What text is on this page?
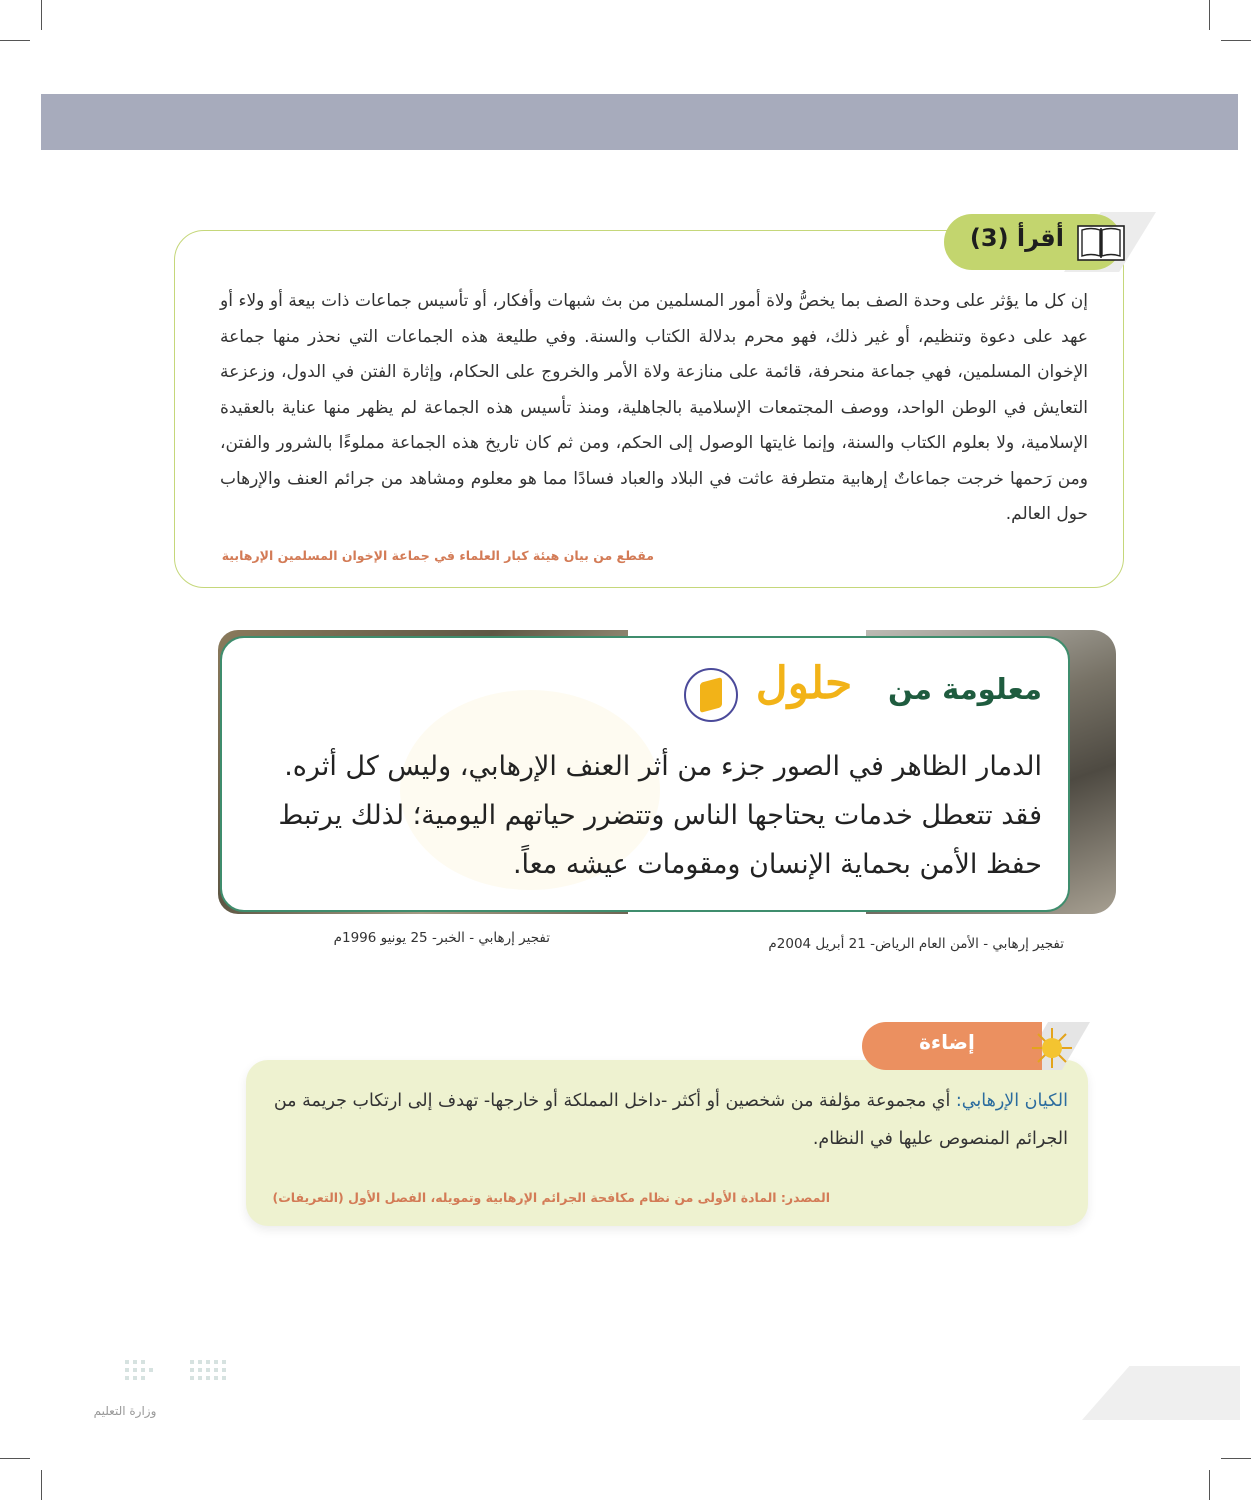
أقرأ (3)
إن كل ما يؤثر على وحدة الصف بما يخصُّ ولاة أمور المسلمين من بث شبهات وأفكار، أو تأسيس جماعات ذات بيعة أو ولاء أو عهد على دعوة وتنظيم، أو غير ذلك، فهو محرم بدلالة الكتاب والسنة. وفي طليعة هذه الجماعات التي نحذر منها جماعة الإخوان المسلمين، فهي جماعة منحرفة، قائمة على منازعة ولاة الأمر والخروج على الحكام، وإثارة الفتن في الدول، وزعزعة التعايش في الوطن الواحد، ووصف المجتمعات الإسلامية بالجاهلية، ومنذ تأسيس هذه الجماعة لم يظهر منها عناية بالعقيدة الإسلامية، ولا بعلوم الكتاب والسنة، وإنما غايتها الوصول إلى الحكم، ومن ثم كان تاريخ هذه الجماعة مملوءًا بالشرور والفتن، ومن رَحمها خرجت جماعاتٌ إرهابية متطرفة عاثت في البلاد والعباد فسادًا مما هو معلوم ومشاهد من جرائم العنف والإرهاب حول العالم.
مقطع من بيان هيئة كبار العلماء في جماعة الإخوان المسلمين الإرهابية
معلومة من
حلول
الدمار الظاهر في الصور جزء من أثر العنف الإرهابي، وليس كل أثره. فقد تتعطل خدمات يحتاجها الناس وتتضرر حياتهم اليومية؛ لذلك يرتبط حفظ الأمن بحماية الإنسان ومقومات عيشه معاً.
تفجير إرهابي - الأمن العام الرياض- 21 أبريل 2004م
تفجير إرهابي - الخبر- 25 يونيو 1996م
إضاءة
الكيان الإرهابي: أي مجموعة مؤلفة من شخصين أو أكثر -داخل المملكة أو خارجها- تهدف إلى ارتكاب جريمة من الجرائم المنصوص عليها في النظام.
المصدر: المادة الأولى من نظام مكافحة الجرائم الإرهابية وتمويله، الفصل الأول (التعريفات)
وزارة التعليم
